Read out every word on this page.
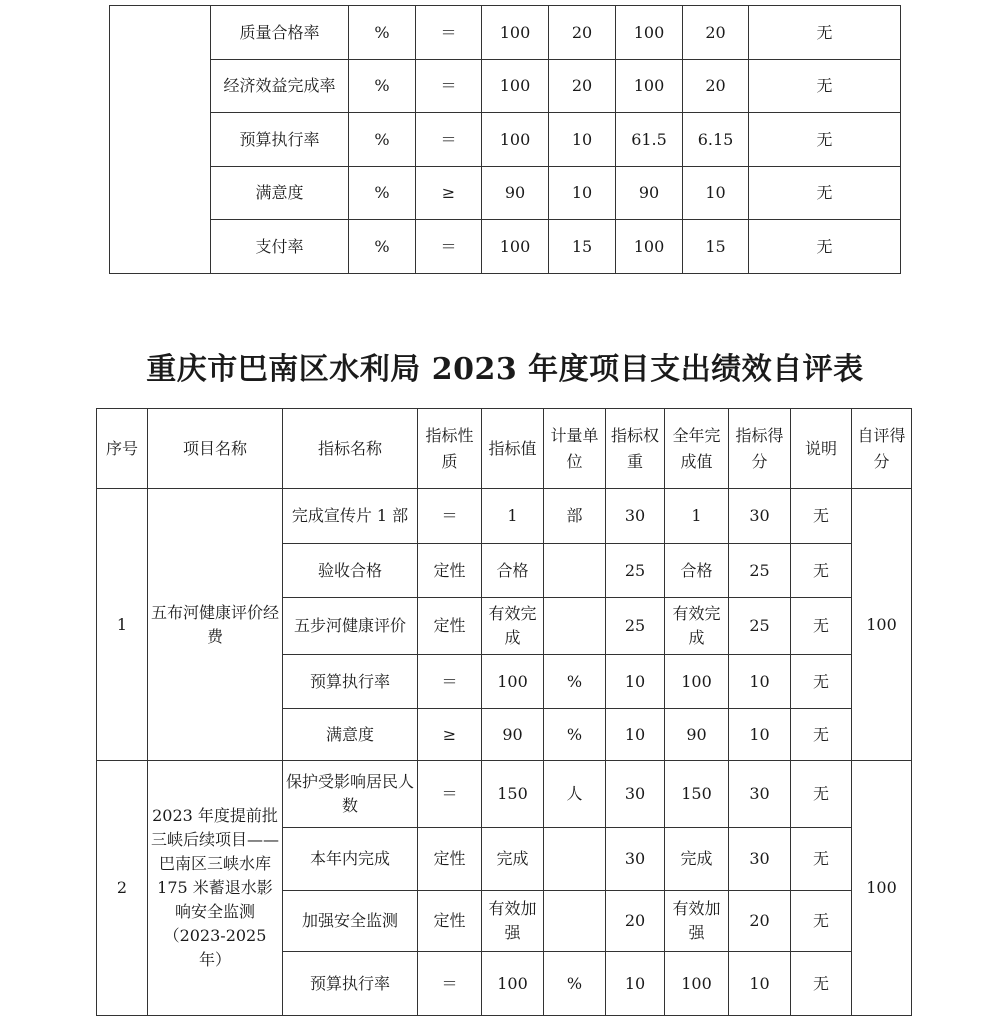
	质量合格率	%	＝	100	20	100	20	无
	经济效益完成率	%	＝	100	20	100	20	无
	预算执行率	%	＝	100	10	61.5	6.15	无
	满意度	%	≥	90	10	90	10	无
	支付率	%	＝	100	15	100	15	无
重庆市巴南区水利局 2023 年度项目支出绩效自评表
序号	项目名称	指标名称	指标性质	指标值	计量单位	指标权重	全年完成值	指标得分	说明	自评得分
1	五布河健康评价经费	完成宣传片 1 部	＝	1	部	30	1	30	无	100
		验收合格	定性	合格		25	合格	25	无	
		五步河健康评价	定性	有效完成		25	有效完成	25	无	
		预算执行率	＝	100	%	10	100	10	无	
		满意度	≥	90	%	10	90	10	无	
2	2023 年度提前批三峡后续项目——巴南区三峡水库 175 米蓄退水影响安全监测（2023-2025 年）	保护受影响居民人数	＝	150	人	30	150	30	无	100
		本年内完成	定性	完成		30	完成	30	无	
		加强安全监测	定性	有效加强		20	有效加强	20	无	
		预算执行率	＝	100	%	10	100	10	无	
